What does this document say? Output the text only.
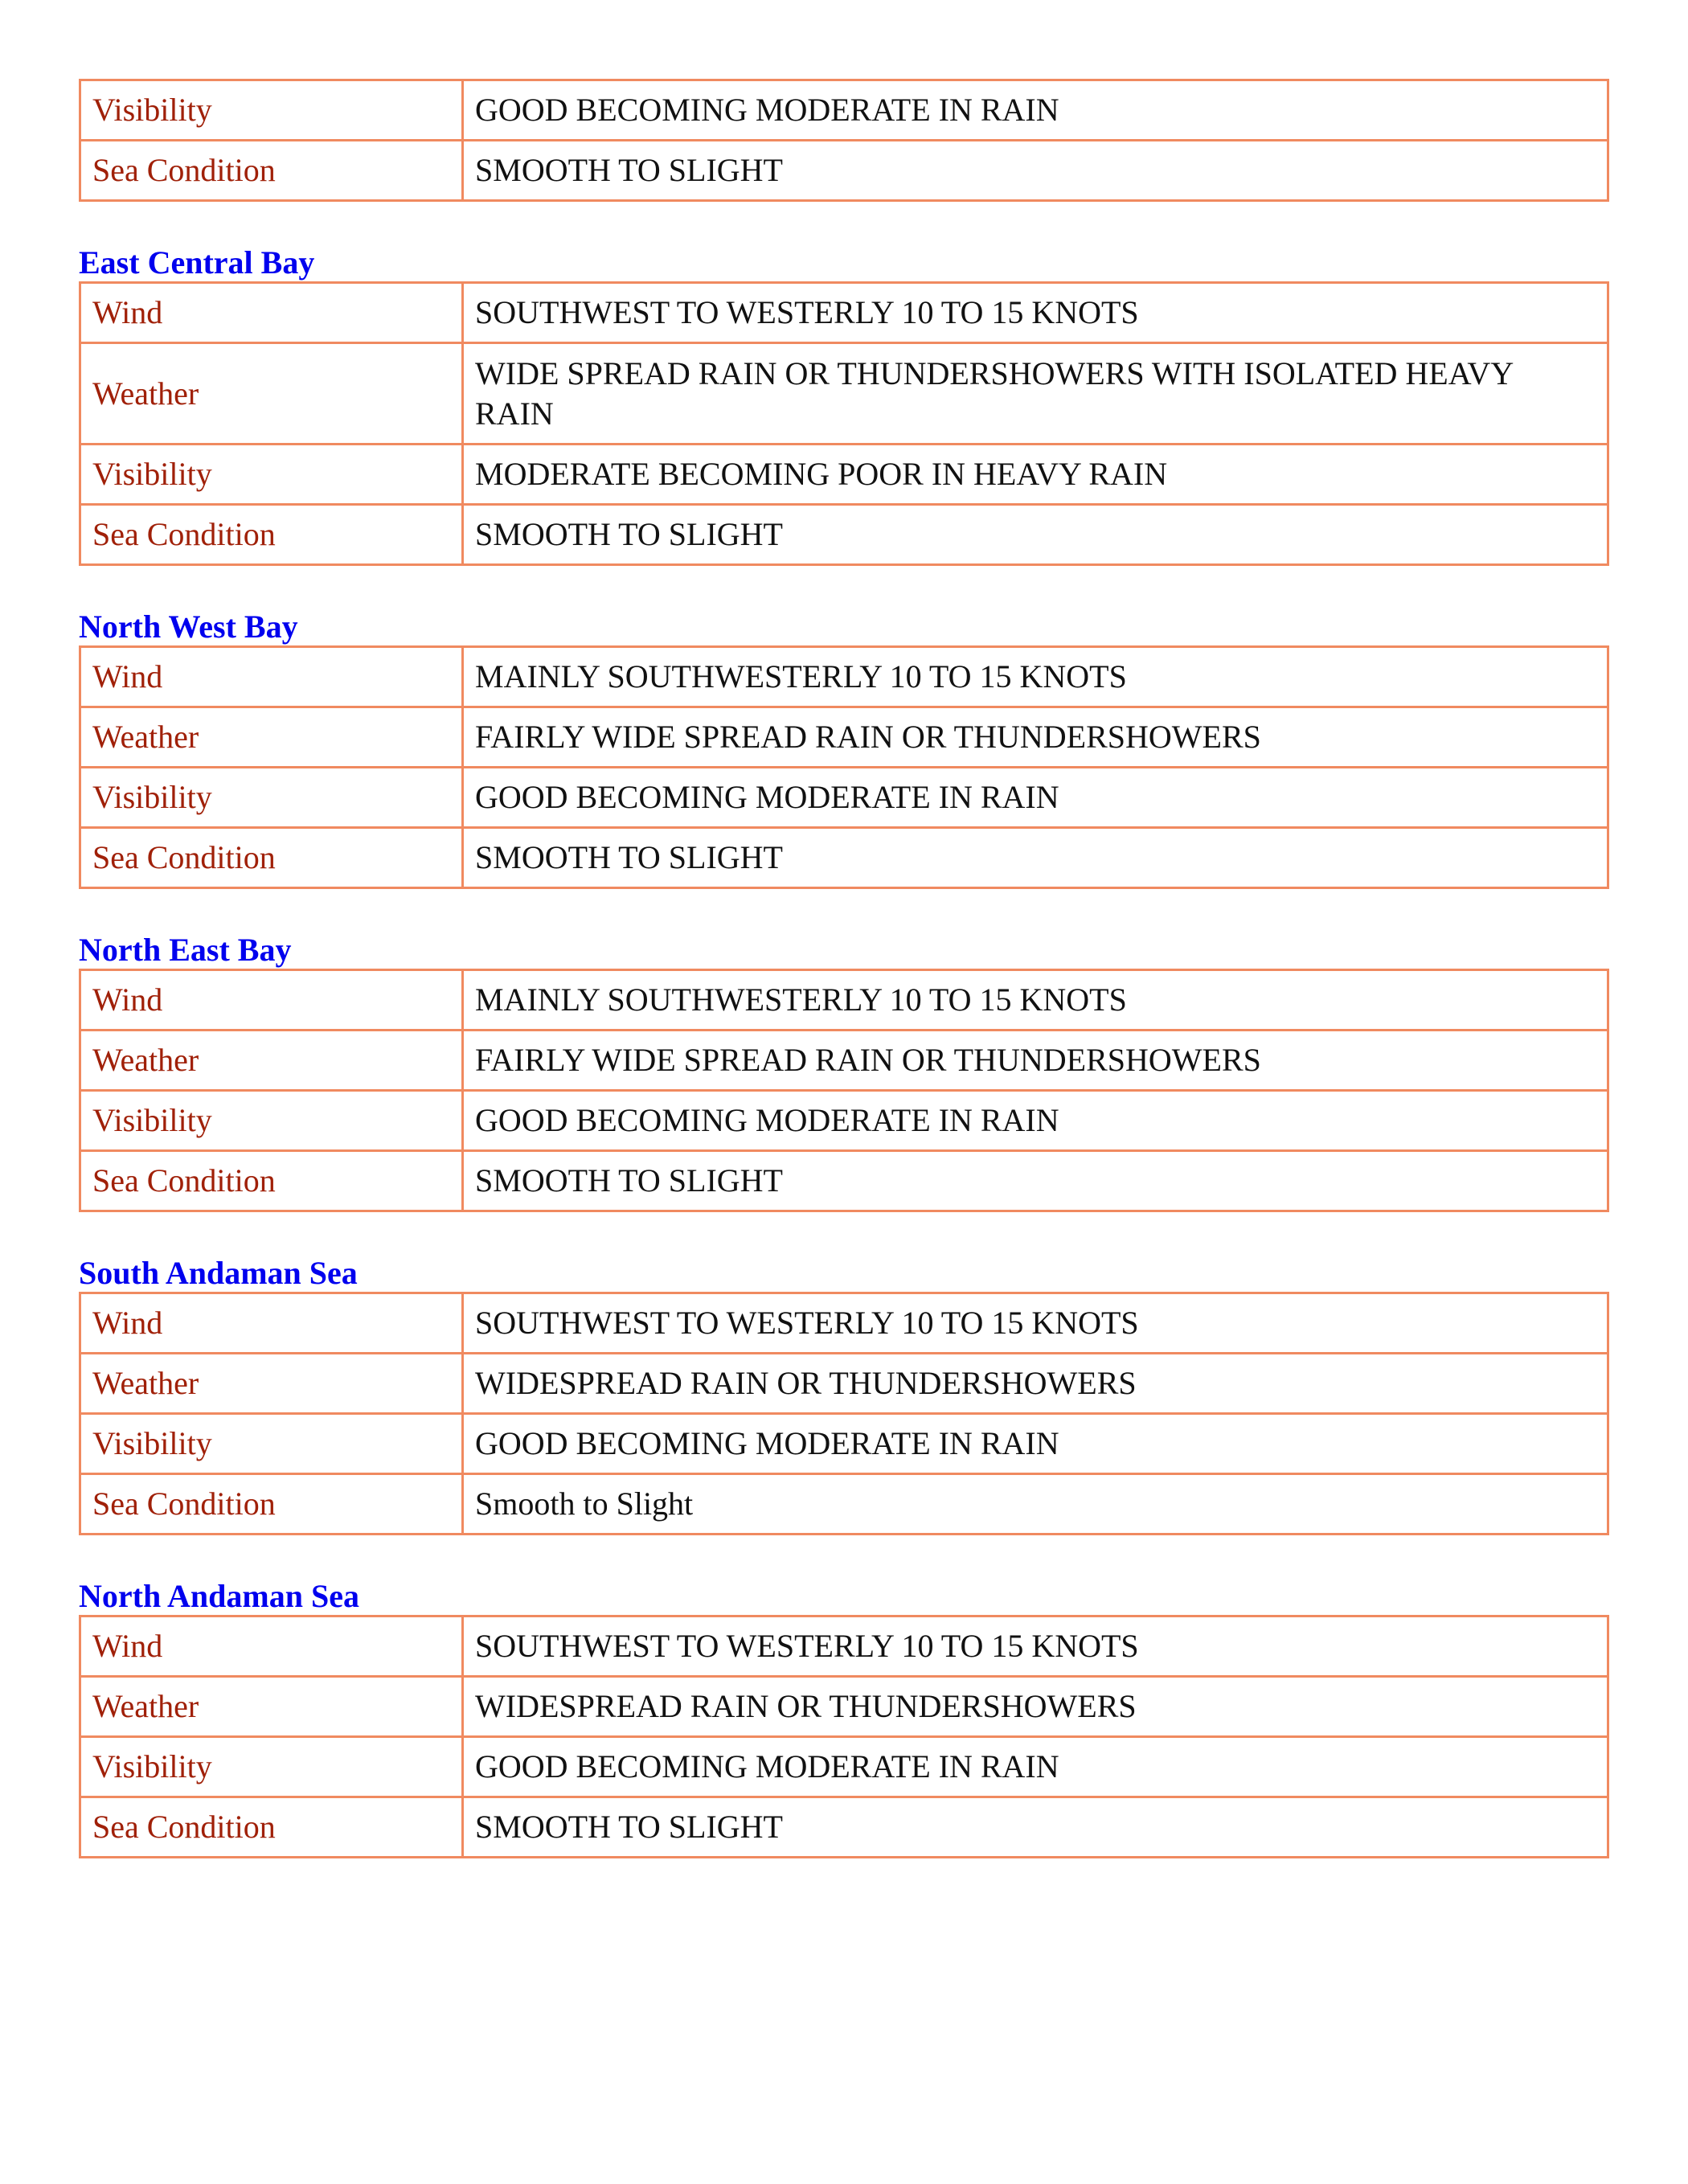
Visibility	GOOD BECOMING MODERATE IN RAIN
Sea Condition	SMOOTH TO SLIGHT
East Central Bay
Wind	SOUTHWEST TO WESTERLY 10 TO 15 KNOTS
Weather	WIDE SPREAD RAIN OR THUNDERSHOWERS WITH ISOLATED HEAVY RAIN
Visibility	MODERATE BECOMING POOR IN HEAVY RAIN
Sea Condition	SMOOTH TO SLIGHT
North West Bay
Wind	MAINLY SOUTHWESTERLY 10 TO 15 KNOTS
Weather	FAIRLY WIDE SPREAD RAIN OR THUNDERSHOWERS
Visibility	GOOD BECOMING MODERATE IN RAIN
Sea Condition	SMOOTH TO SLIGHT
North East Bay
Wind	MAINLY SOUTHWESTERLY 10 TO 15 KNOTS
Weather	FAIRLY WIDE SPREAD RAIN OR THUNDERSHOWERS
Visibility	GOOD BECOMING MODERATE IN RAIN
Sea Condition	SMOOTH TO SLIGHT
South Andaman Sea
Wind	SOUTHWEST TO WESTERLY 10 TO 15 KNOTS
Weather	WIDESPREAD RAIN OR THUNDERSHOWERS
Visibility	GOOD BECOMING MODERATE IN RAIN
Sea Condition	Smooth to Slight
North Andaman Sea
Wind	SOUTHWEST TO WESTERLY 10 TO 15 KNOTS
Weather	WIDESPREAD RAIN OR THUNDERSHOWERS
Visibility	GOOD BECOMING MODERATE IN RAIN
Sea Condition	SMOOTH TO SLIGHT
